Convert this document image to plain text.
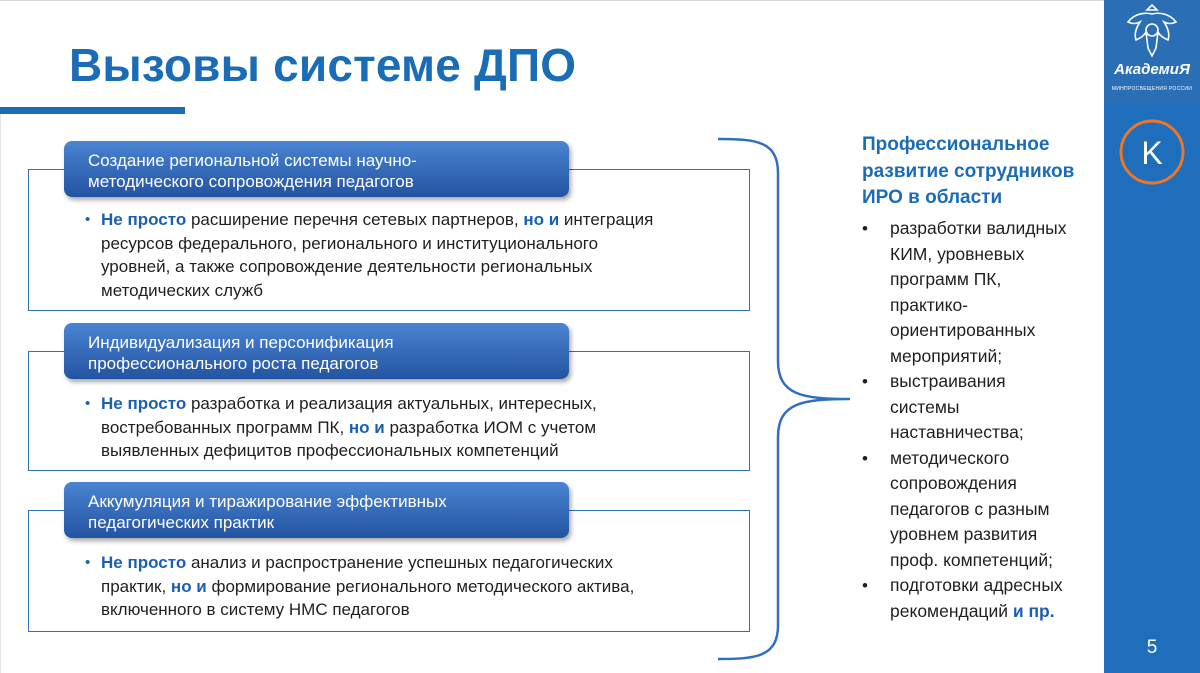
Вызовы системе ДПО
Создание региональной системы научно-
методического сопровождения педагогов
• Не просто расширение перечня сетевых партнеров, но и интеграция
ресурсов федерального, регионального и институционального
уровней, а также сопровождение деятельности региональных
методических служб
Индивидуализация и персонификация
профессионального роста педагогов
• Не просто разработка и реализация актуальных, интересных,
востребованных программ ПК, но и разработка ИОМ с учетом
выявленных дефицитов профессиональных компетенций
Аккумуляция и тиражирование эффективных
педагогических практик
• Не просто анализ и распространение успешных педагогических
практик, но и формирование регионального методического актива,
включенного в систему НМС педагогов
Профессиональное
развитие сотрудников
ИРО в области
• разработки валидных
КИМ, уровневых
программ ПК,
практико-
ориентированных
мероприятий;
• выстраивания
системы
наставничества;
• методического
сопровождения
педагогов с разным
уровнем развития
проф. компетенций;
• подготовки адресных
рекомендаций и пр.
АкадемиЯ
МИНПРОСВЕЩЕНИЯ РОССИИ
K
5
